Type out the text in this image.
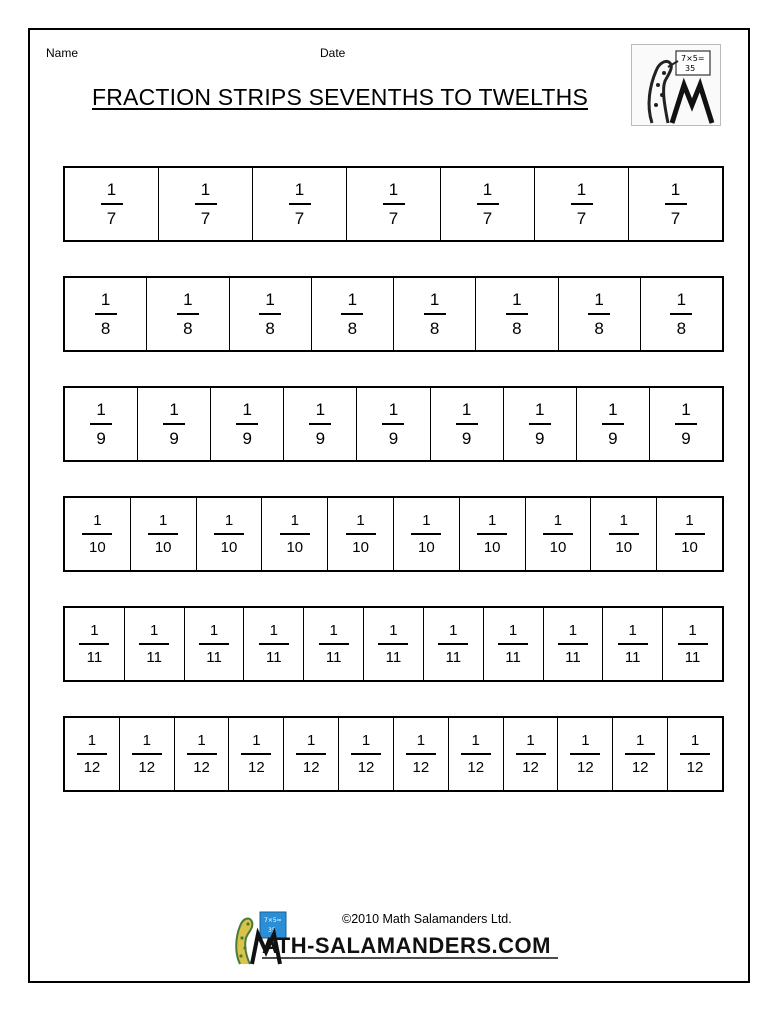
Name	Date
FRACTION STRIPS SEVENTHS TO TWELTHS
7×5=
35
$\frac{1}{7}$	$\frac{1}{7}$	$\frac{1}{7}$	$\frac{1}{7}$	$\frac{1}{7}$	$\frac{1}{7}$	$\frac{1}{7}$
$\frac{1}{8}$	$\frac{1}{8}$	$\frac{1}{8}$	$\frac{1}{8}$	$\frac{1}{8}$	$\frac{1}{8}$	$\frac{1}{8}$	$\frac{1}{8}$
$\frac{1}{9}$	$\frac{1}{9}$	$\frac{1}{9}$	$\frac{1}{9}$	$\frac{1}{9}$	$\frac{1}{9}$	$\frac{1}{9}$	$\frac{1}{9}$	$\frac{1}{9}$
$\frac{1}{10} \frac{1}{10} \frac{1}{10} \frac{1}{10} \frac{1}{10} \frac{1}{10} \frac{1}{10} \frac{1}{10} \frac{1}{10} \frac{1}{10}$
$\frac{1}{11} \frac{1}{11} \frac{1}{11} \frac{1}{11} \frac{1}{11} \frac{1}{11} \frac{1}{11} \frac{1}{11} \frac{1}{11} \frac{1}{11} \frac{1}{11}$
$\frac{1}{12} \frac{1}{12} \frac{1}{12} \frac{1}{12} \frac{1}{12} \frac{1}{12} \frac{1}{12} \frac{1}{12} \frac{1}{12} \frac{1}{12} \frac{1}{12} \frac{1}{12}$
7×5=
35
©2010 Math Salamanders Ltd.
ATH-SALAMANDERS.COM
